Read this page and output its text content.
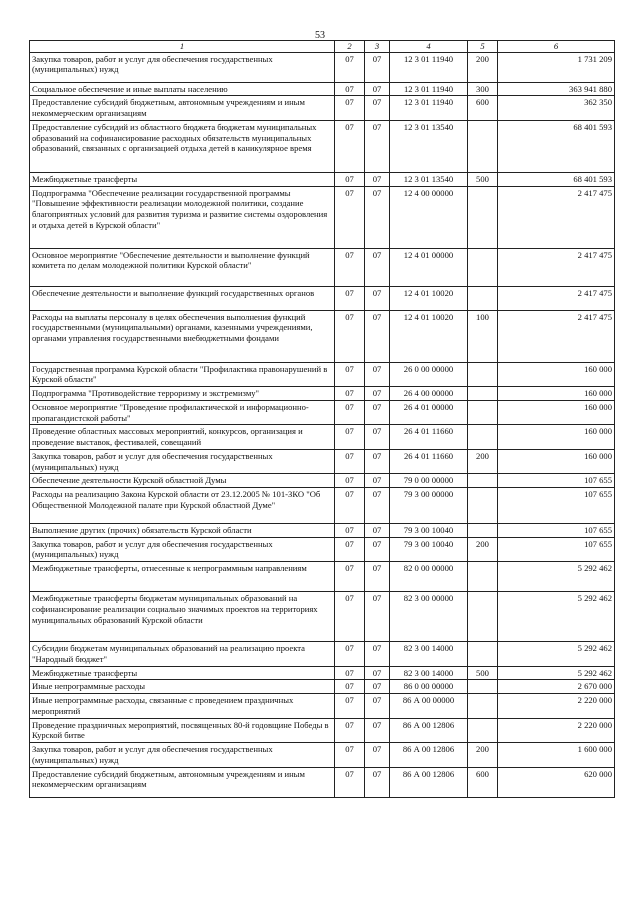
53
1	2	3	4	5	6
Закупка товаров, работ и услуг для обеспечения государственных (муниципальных) нужд	07	07	12 3 01 11940	200	1 731 209
Социальное обеспечение и иные выплаты населению	07	07	12 3 01 11940	300	363 941 880
Предоставление субсидий бюджетным, автономным учреждениям и иным некоммерческим организациям	07	07	12 3 01 11940	600	362 350
Предоставление субсидий из областного бюджета бюджетам муниципальных образований на софинансирование расходных обязательств муниципальных образований, связанных с организацией отдыха детей в каникулярное время	07	07	12 3 01 13540		68 401 593
Межбюджетные трансферты	07	07	12 3 01 13540	500	68 401 593
Подпрограмма "Обеспечение реализации государственной программы "Повышение эффективности реализации молодежной политики, создание благоприятных условий для развития туризма и развитие системы оздоровления и отдыха детей в Курской области"	07	07	12 4 00 00000		2 417 475
Основное мероприятие "Обеспечение деятельности и выполнение функций комитета по делам молодежной политики Курской области"	07	07	12 4 01 00000		2 417 475
Обеспечение деятельности и выполнение функций государственных органов	07	07	12 4 01 10020		2 417 475
Расходы на выплаты персоналу в целях обеспечения выполнения функций государственными (муниципальными) органами, казенными учреждениями, органами управления государственными внебюджетными фондами	07	07	12 4 01 10020	100	2 417 475
Государственная программа Курской области "Профилактика правонарушений в Курской области"	07	07	26 0 00 00000		160 000
Подпрограмма "Противодействие терроризму и экстремизму"	07	07	26 4 00 00000		160 000
Основное мероприятие "Проведение профилактической и информационно-пропагандистской работы"	07	07	26 4 01 00000		160 000
Проведение областных массовых мероприятий, конкурсов, организация и проведение выставок, фестивалей, совещаний	07	07	26 4 01 11660		160 000
Закупка товаров, работ и услуг для обеспечения государственных (муниципальных) нужд	07	07	26 4 01 11660	200	160 000
Обеспечение деятельности Курской областной Думы	07	07	79 0 00 00000		107 655
Расходы на реализацию Закона Курской области от 23.12.2005 № 101-ЗКО "Об Общественной Молодежной палате при Курской областной Думе"	07	07	79 3 00 00000		107 655
Выполнение других (прочих) обязательств Курской области	07	07	79 3 00 10040		107 655
Закупка товаров, работ и услуг для обеспечения государственных (муниципальных) нужд	07	07	79 3 00 10040	200	107 655
Межбюджетные трансферты, отнесенные к непрограммным направлениям	07	07	82 0 00 00000		5 292 462
Межбюджетные трансферты бюджетам муниципальных образований на софинансирование реализации социально значимых проектов на территориях муниципальных образований Курской области	07	07	82 3 00 00000		5 292 462
Субсидии бюджетам муниципальных образований на реализацию проекта "Народный бюджет"	07	07	82 3 00 14000		5 292 462
Межбюджетные трансферты	07	07	82 3 00 14000	500	5 292 462
Иные непрограммные расходы	07	07	86 0 00 00000		2 670 000
Иные непрограммные расходы, связанные с проведением праздничных мероприятий	07	07	86 А 00 00000		2 220 000
Проведение праздничных мероприятий, посвященных 80-й годовщине Победы в Курской битве	07	07	86 А 00 12806		2 220 000
Закупка товаров, работ и услуг для обеспечения государственных (муниципальных) нужд	07	07	86 А 00 12806	200	1 600 000
Предоставление субсидий бюджетным, автономным учреждениям и иным некоммерческим организациям	07	07	86 А 00 12806	600	620 000
